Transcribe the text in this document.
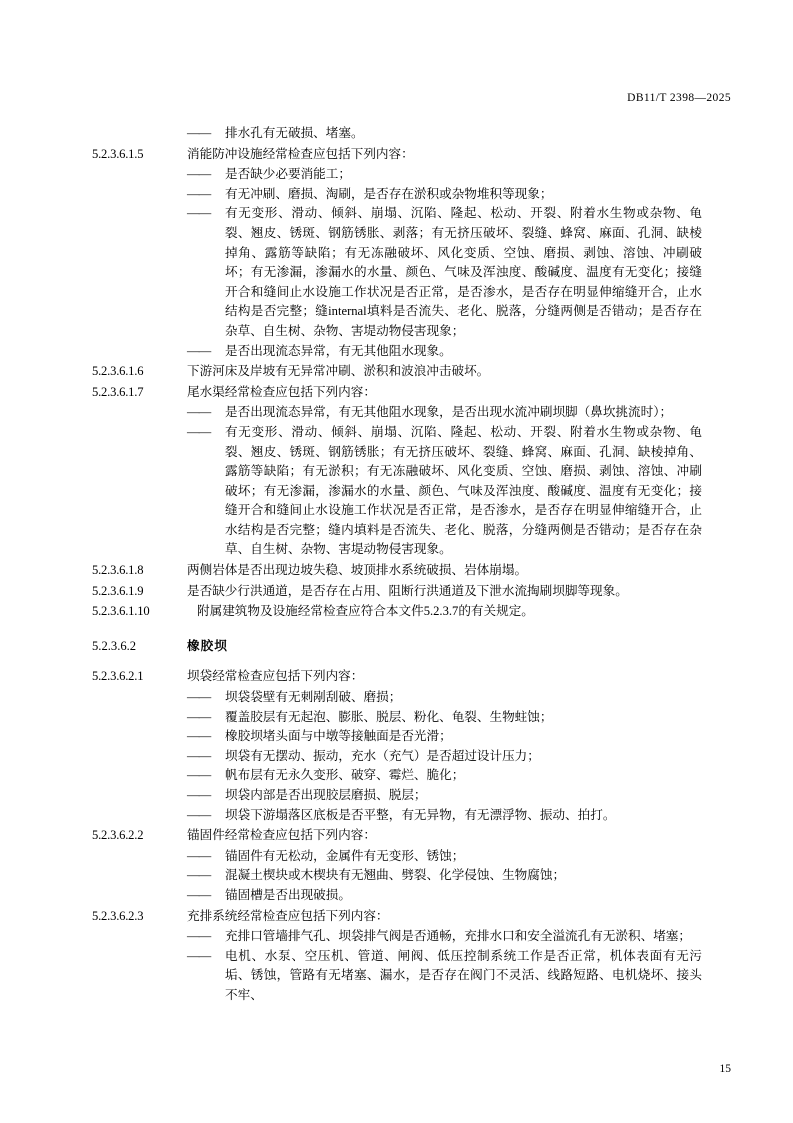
DB11/T 2398—2025
—— 排水孔有无破损、堵塞。
5.2.3.6.1.5	消能防冲设施经常检查应包括下列内容：
—— 是否缺少必要消能工；
—— 有无冲刷、磨损、淘刷，是否存在淤积或杂物堆积等现象；
—— 有无变形、滑动、倾斜、崩塌、沉陷、隆起、松动、开裂、附着水生物或杂物、龟裂、翘皮、锈斑、钢筋锈胀、剥落；有无挤压破坏、裂缝、蜂窝、麻面、孔洞、缺棱掉角、露筋等缺陷；有无冻融破坏、风化变质、空蚀、磨损、剥蚀、溶蚀、冲刷破坏；有无渗漏，渗漏水的水量、颜色、气味及浑浊度、酸碱度、温度有无变化；接缝开合和缝间止水设施工作状况是否正常，是否渗水，是否存在明显伸缩缝开合，止水结构是否完整；缝internal填料是否流失、老化、脱落，分缝两侧是否错动；是否存在杂草、自生树、杂物、害堤动物侵害现象；
—— 是否出现流态异常，有无其他阻水现象。
5.2.3.6.1.6	下游河床及岸坡有无异常冲刷、淤积和波浪冲击破坏。
5.2.3.6.1.7	尾水渠经常检查应包括下列内容：
—— 是否出现流态异常，有无其他阻水现象，是否出现水流冲刷坝脚（鼻坎挑流时）；
—— 有无变形、滑动、倾斜、崩塌、沉陷、隆起、松动、开裂、附着水生物或杂物、龟裂、翘皮、锈斑、钢筋锈胀；有无挤压破坏、裂缝、蜂窝、麻面、孔洞、缺棱掉角、露筋等缺陷；有无淤积；有无冻融破坏、风化变质、空蚀、磨损、剥蚀、溶蚀、冲刷破坏；有无渗漏，渗漏水的水量、颜色、气味及浑浊度、酸碱度、温度有无变化；接缝开合和缝间止水设施工作状况是否正常，是否渗水，是否存在明显伸缩缝开合，止水结构是否完整；缝内填料是否流失、老化、脱落，分缝两侧是否错动；是否存在杂草、自生树、杂物、害堤动物侵害现象。
5.2.3.6.1.8	两侧岩体是否出现边坡失稳、坡顶排水系统破损、岩体崩塌。
5.2.3.6.1.9	是否缺少行洪通道，是否存在占用、阻断行洪通道及下泄水流掏刷坝脚等现象。
5.2.3.6.1.10	附属建筑物及设施经常检查应符合本文件5.2.3.7的有关规定。
5.2.3.6.2	橡胶坝
5.2.3.6.2.1	坝袋经常检查应包括下列内容：
—— 坝袋袋壁有无刺剐刮破、磨损；
—— 覆盖胶层有无起泡、膨胀、脱层、粉化、龟裂、生物蛀蚀；
—— 橡胶坝堵头面与中墩等接触面是否光滑；
—— 坝袋有无摆动、振动，充水（充气）是否超过设计压力；
—— 帆布层有无永久变形、破穿、霉烂、脆化；
—— 坝袋内部是否出现胶层磨损、脱层；
—— 坝袋下游塌落区底板是否平整，有无异物，有无漂浮物、振动、拍打。
5.2.3.6.2.2	锚固件经常检查应包括下列内容：
—— 锚固件有无松动，金属件有无变形、锈蚀；
—— 混凝土楔块或木楔块有无翘曲、劈裂、化学侵蚀、生物腐蚀；
—— 锚固槽是否出现破损。
5.2.3.6.2.3	充排系统经常检查应包括下列内容：
—— 充排口管墙排气孔、坝袋排气阀是否通畅，充排水口和安全溢流孔有无淤积、堵塞；
—— 电机、水泵、空压机、管道、闸阀、低压控制系统工作是否正常，机体表面有无污垢、锈蚀，管路有无堵塞、漏水，是否存在阀门不灵活、线路短路、电机烧坏、接头不牢、
15
